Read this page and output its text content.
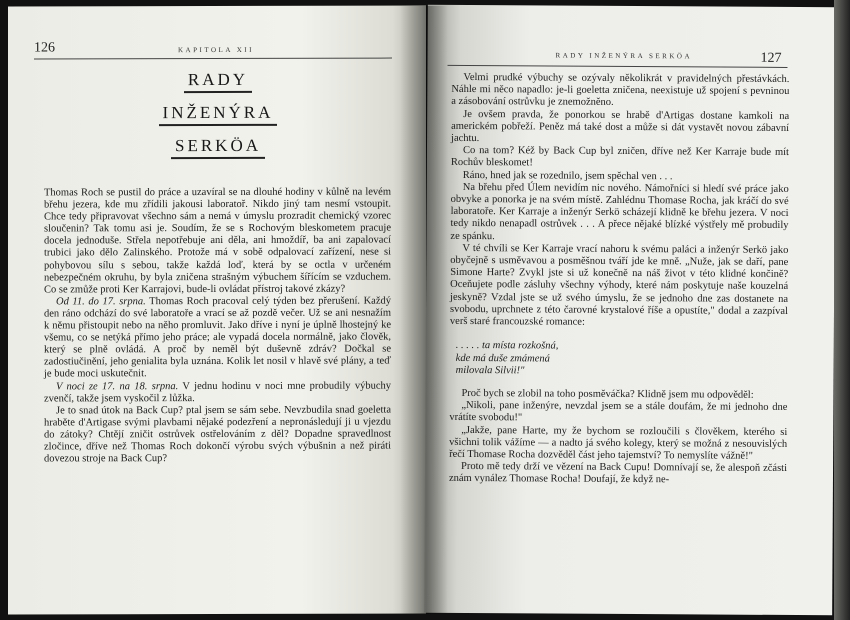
126	KAPITOLA XII
RADY
INŽENÝRA
SERKÖA

Thomas Roch se pustil do práce a uzavíral se na dlouhé hodiny v kůlně na levém břehu jezera, kde mu zřídili jakousi laboratoř. Nikdo jiný tam nesmí vstoupit. Chce tedy připravovat všechno sám a nemá v úmyslu prozradit chemický vzorec sloučenin? Tak tomu asi je. Soudím, že se s Rochovým bleskometem pracuje docela jednoduše. Střela nepotřebuje ani děla, ani hmoždíř, ba ani zapalovací trubici jako dělo Zalinského. Protože má v sobě odpalovací zařízení, nese si pohybovou sílu s sebou, takže každá loď, která by se octla v určeném nebezpečném okruhu, by byla zničena strašným výbuchem šířícím se vzduchem. Co se zmůže proti Ker Karrajovi, bude-li ovládat přístroj takové zkázy?

Od 11. do 17. srpna. Thomas Roch pracoval celý týden bez přerušení. Každý den ráno odchází do své laboratoře a vrací se až pozdě večer. Už se ani nesnažím k němu přistoupit nebo na něho promluvit. Jako dříve i nyní je úplně lhostejný ke všemu, co se netýká přímo jeho práce; ale vypadá docela normálně, jako člověk, který se plně ovládá. A proč by neměl být duševně zdráv? Dočkal se zadostiučinění, jeho genialita byla uznána. Kolik let nosil v hlavě své plány, a teď je bude moci uskutečnit.

V noci ze 17. na 18. srpna. V jednu hodinu v noci mne probudily výbuchy zvenčí, takže jsem vyskočil z lůžka.

Je to snad útok na Back Cup? ptal jsem se sám sebe. Nevzbudila snad goeletta hraběte d'Artigase svými plavbami nějaké podezření a nepronásledují ji u vjezdu do zátoky? Chtějí zničit ostrůvek ostřelováním z děl? Dopadne spravedlnost zločince, dříve než Thomas Roch dokončí výrobu svých výbušnin a než piráti dovezou stroje na Back Cup?

RADY INŽENÝRA SERKÖA	127

Velmi prudké výbuchy se ozývaly několikrát v pravidelných přestávkách. Náhle mi něco napadlo: je-li goeletta zničena, neexistuje už spojení s pevninou a zásobování ostrůvku je znemožněno.

Je ovšem pravda, že ponorkou se hrabě d'Artigas dostane kamkoli na americkém pobřeží. Peněz má také dost a může si dát vystavět novou zábavní jachtu.

Co na tom? Kéž by Back Cup byl zničen, dříve než Ker Karraje bude mít Rochův bleskomet!

Ráno, hned jak se rozednilo, jsem spěchal ven . . .

Na břehu před Úlem nevidím nic nového. Námořníci si hledí své práce jako obvyke a ponorka je na svém místě. Zahlédnu Thomase Rocha, jak kráčí do své laboratoře. Ker Karraje a inženýr Serkö scházejí klidně ke břehu jezera. V noci tedy nikdo nenapadl ostrůvek . . . A přece nějaké blízké výstřely mě probudily ze spánku.

V té chvíli se Ker Karraje vrací nahoru k svému paláci a inženýr Serkö jako obyčejně s usměvavou a posměšnou tváří jde ke mně. „Nuže, jak se daří, pane Simone Harte? Zvykl jste si už konečně na náš život v této klidné končině? Oceňujete podle zásluhy všechny výhody, které nám poskytuje naše kouzelná jeskyně? Vzdal jste se už svého úmyslu, že se jednoho dne zas dostanete na svobodu, uprchnete z této čarovné krystalové říše a opustíte," dodal a zazpíval verš staré francouzské romance:

. . . . . ta místa rozkošná,
kde má duše zmámená
milovala Silvii!"

Proč bych se zlobil na toho posměváčka? Klidně jsem mu odpověděl:

„Nikoli, pane inženýre, nevzdal jsem se a stále doufám, že mi jednoho dne vrátíte svobodu!"

„Jakže, pane Harte, my že bychom se rozloučili s člověkem, kterého si všichni tolik vážíme — a nadto já svého kolegy, který se možná z nesouvislých řečí Thomase Rocha dozvěděl část jeho tajemství? To nemyslíte vážně!"

Proto mě tedy drží ve vězení na Back Cupu! Domnívají se, že alespoň zčásti znám vynález Thomase Rocha! Doufají, že když ne-
